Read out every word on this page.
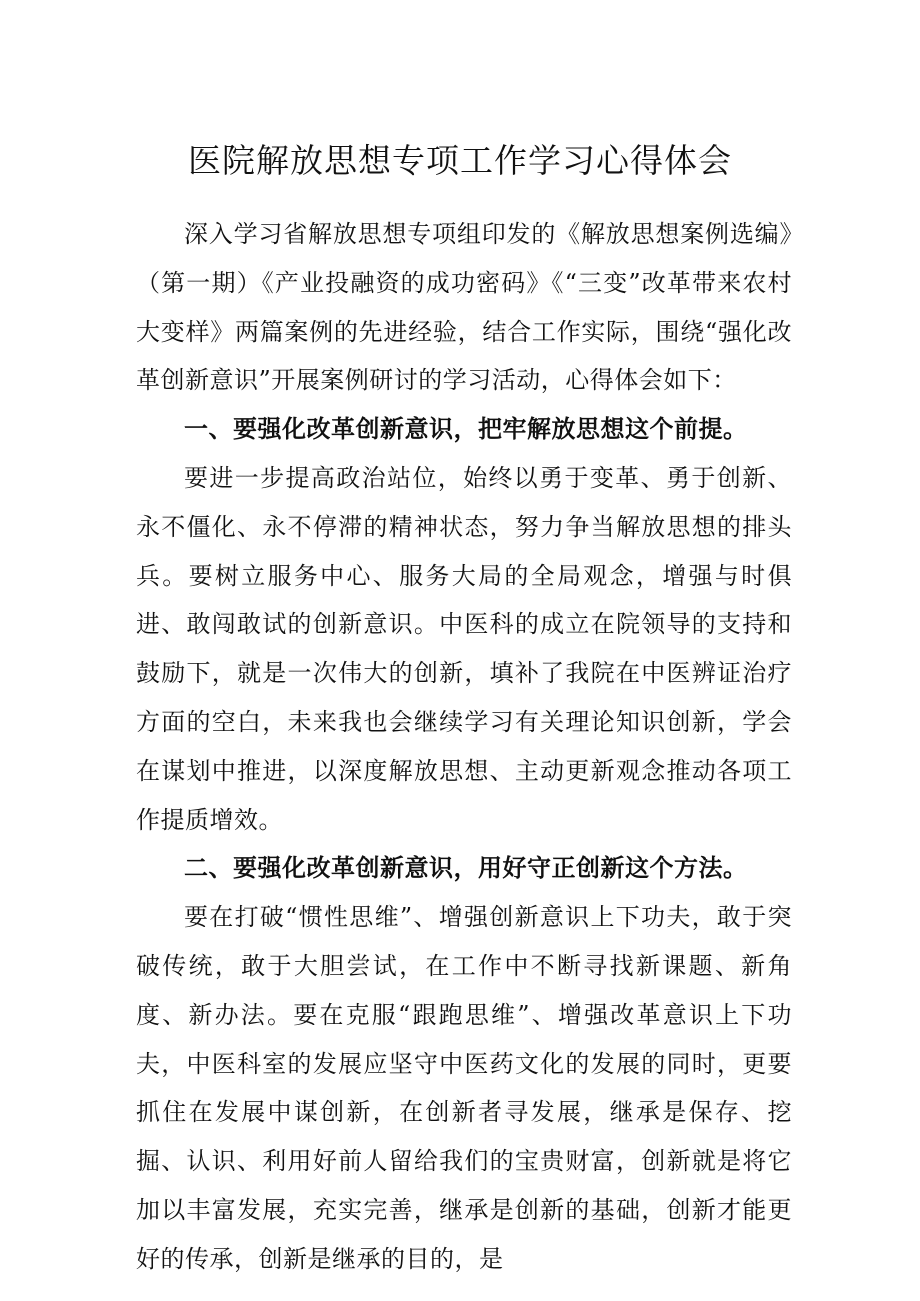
医院解放思想专项工作学习心得体会

深入学习省解放思想专项组印发的《解放思想案例选编》（第一期）《产业投融资的成功密码》《“三变”改革带来农村大变样》两篇案例的先进经验，结合工作实际，围绕“强化改革创新意识”开展案例研讨的学习活动，心得体会如下：

一、要强化改革创新意识，把牢解放思想这个前提。

要进一步提高政治站位，始终以勇于变革、勇于创新、永不僵化、永不停滞的精神状态，努力争当解放思想的排头兵。要树立服务中心、服务大局的全局观念，增强与时俱进、敢闯敢试的创新意识。中医科的成立在院领导的支持和鼓励下，就是一次伟大的创新，填补了我院在中医辨证治疗方面的空白，未来我也会继续学习有关理论知识创新，学会在谋划中推进，以深度解放思想、主动更新观念推动各项工作提质增效。

二、要强化改革创新意识，用好守正创新这个方法。

要在打破“惯性思维”、增强创新意识上下功夫，敢于突破传统，敢于大胆尝试，在工作中不断寻找新课题、新角度、新办法。要在克服“跟跑思维”、增强改革意识上下功夫，中医科室的发展应坚守中医药文化的发展的同时，更要抓住在发展中谋创新，在创新者寻发展，继承是保存、挖掘、认识、利用好前人留给我们的宝贵财富，创新就是将它加以丰富发展，充实完善，继承是创新的基础，创新才能更好的传承，创新是继承的目的，是
